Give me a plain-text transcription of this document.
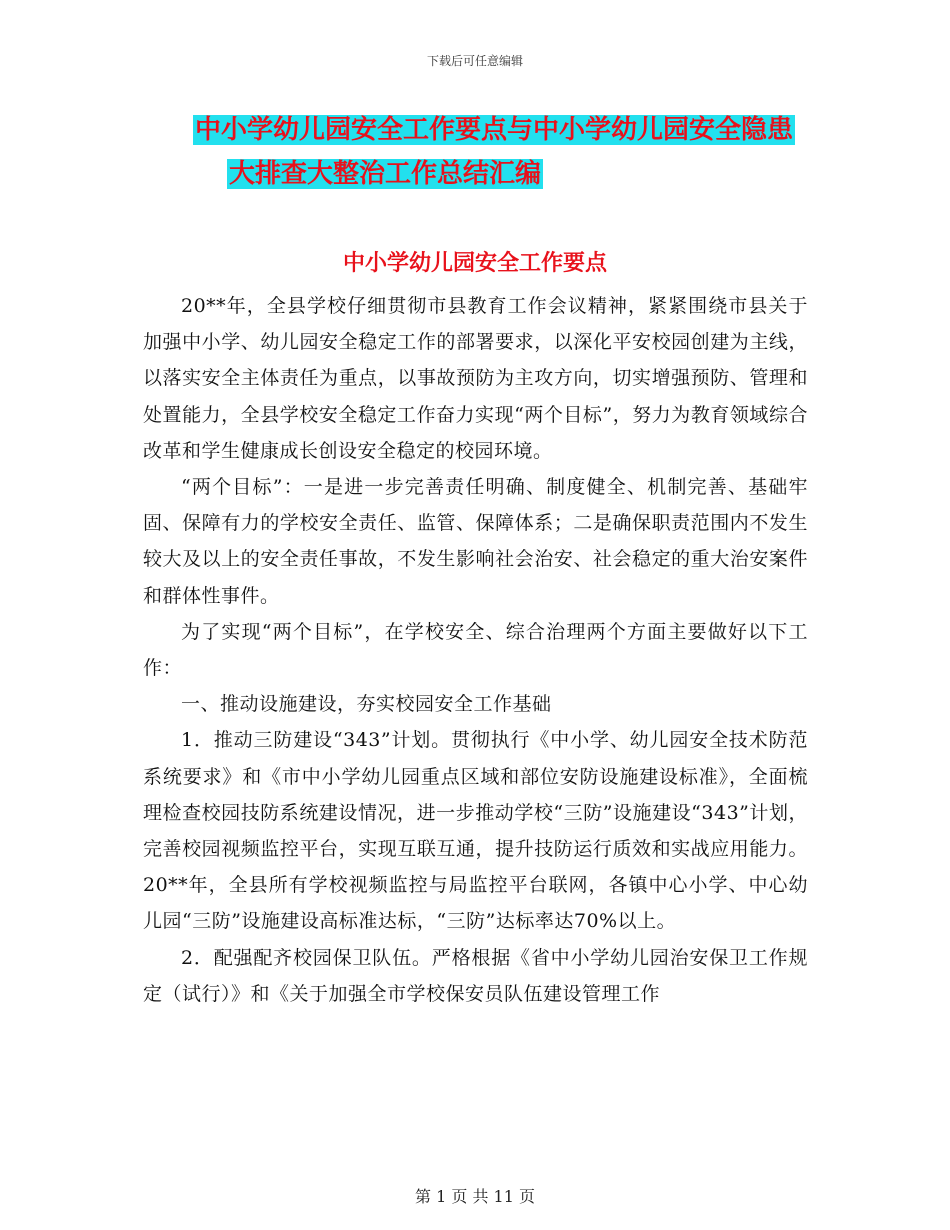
下载后可任意编辑
中小学幼儿园安全工作要点与中小学幼儿园安全隐患
大排查大整治工作总结汇编
中小学幼儿园安全工作要点

20**年，全县学校仔细贯彻市县教育工作会议精神，紧紧围绕市县关于加强中小学、幼儿园安全稳定工作的部署要求，以深化平安校园创建为主线，以落实安全主体责任为重点，以事故预防为主攻方向，切实增强预防、管理和处置能力，全县学校安全稳定工作奋力实现“两个目标”，努力为教育领域综合改革和学生健康成长创设安全稳定的校园环境。

“两个目标”：一是进一步完善责任明确、制度健全、机制完善、基础牢固、保障有力的学校安全责任、监管、保障体系；二是确保职责范围内不发生较大及以上的安全责任事故，不发生影响社会治安、社会稳定的重大治安案件和群体性事件。

为了实现“两个目标”，在学校安全、综合治理两个方面主要做好以下工作：

一、推动设施建设，夯实校园安全工作基础

1．推动三防建设“343”计划。贯彻执行《中小学、幼儿园安全技术防范系统要求》和《市中小学幼儿园重点区域和部位安防设施建设标准》，全面梳理检查校园技防系统建设情况，进一步推动学校“三防”设施建设“343”计划，完善校园视频监控平台，实现互联互通，提升技防运行质效和实战应用能力。20**年，全县所有学校视频监控与局监控平台联网，各镇中心小学、中心幼儿园“三防”设施建设高标准达标，“三防”达标率达70%以上。

2．配强配齐校园保卫队伍。严格根据《省中小学幼儿园治安保卫工作规定（试行）》和《关于加强全市学校保安员队伍建设管理工作

第 1 页 共 11 页
